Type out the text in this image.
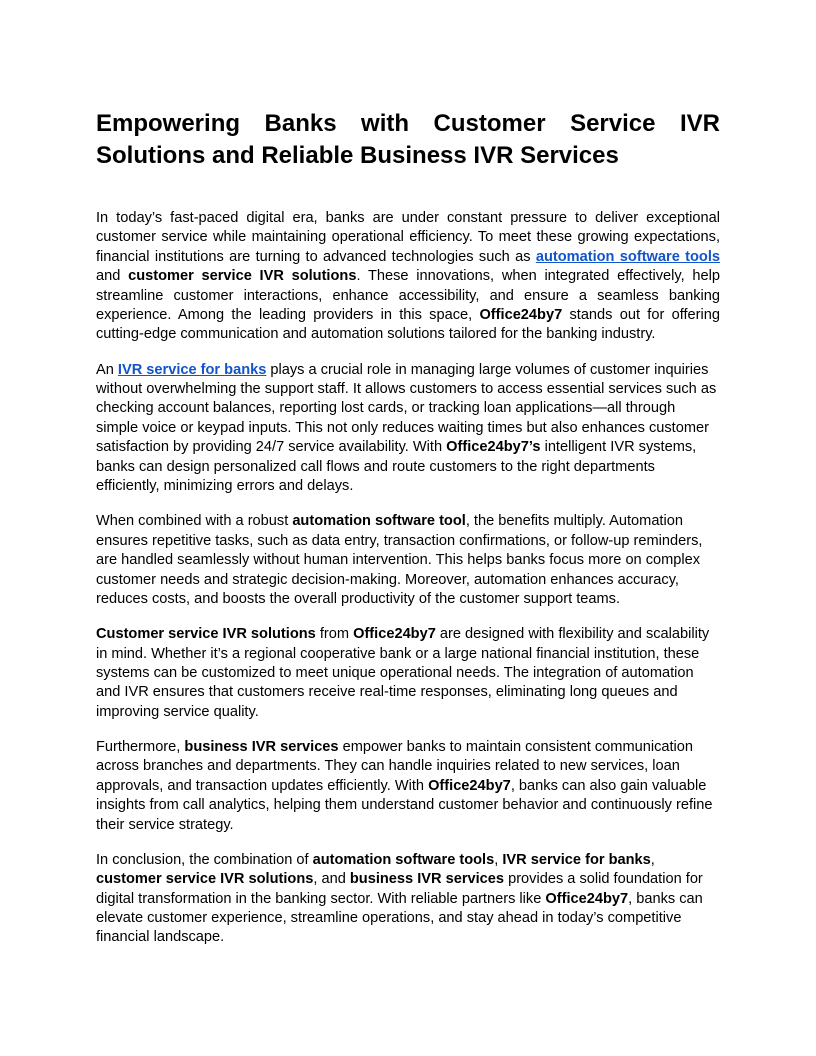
Empowering Banks with Customer Service IVR Solutions and Reliable Business IVR Services

In today’s fast-paced digital era, banks are under constant pressure to deliver exceptional customer service while maintaining operational efficiency. To meet these growing expectations, financial institutions are turning to advanced technologies such as automation software tools and customer service IVR solutions. These innovations, when integrated effectively, help streamline customer interactions, enhance accessibility, and ensure a seamless banking experience. Among the leading providers in this space, Office24by7 stands out for offering cutting-edge communication and automation solutions tailored for the banking industry.

An IVR service for banks plays a crucial role in managing large volumes of customer inquiries without overwhelming the support staff. It allows customers to access essential services such as checking account balances, reporting lost cards, or tracking loan applications—all through simple voice or keypad inputs. This not only reduces waiting times but also enhances customer satisfaction by providing 24/7 service availability. With Office24by7’s intelligent IVR systems, banks can design personalized call flows and route customers to the right departments efficiently, minimizing errors and delays.

When combined with a robust automation software tool, the benefits multiply. Automation ensures repetitive tasks, such as data entry, transaction confirmations, or follow-up reminders, are handled seamlessly without human intervention. This helps banks focus more on complex customer needs and strategic decision-making. Moreover, automation enhances accuracy, reduces costs, and boosts the overall productivity of the customer support teams.

Customer service IVR solutions from Office24by7 are designed with flexibility and scalability in mind. Whether it’s a regional cooperative bank or a large national financial institution, these systems can be customized to meet unique operational needs. The integration of automation and IVR ensures that customers receive real-time responses, eliminating long queues and improving service quality.

Furthermore, business IVR services empower banks to maintain consistent communication across branches and departments. They can handle inquiries related to new services, loan approvals, and transaction updates efficiently. With Office24by7, banks can also gain valuable insights from call analytics, helping them understand customer behavior and continuously refine their service strategy.

In conclusion, the combination of automation software tools, IVR service for banks, customer service IVR solutions, and business IVR services provides a solid foundation for digital transformation in the banking sector. With reliable partners like Office24by7, banks can elevate customer experience, streamline operations, and stay ahead in today’s competitive financial landscape.
